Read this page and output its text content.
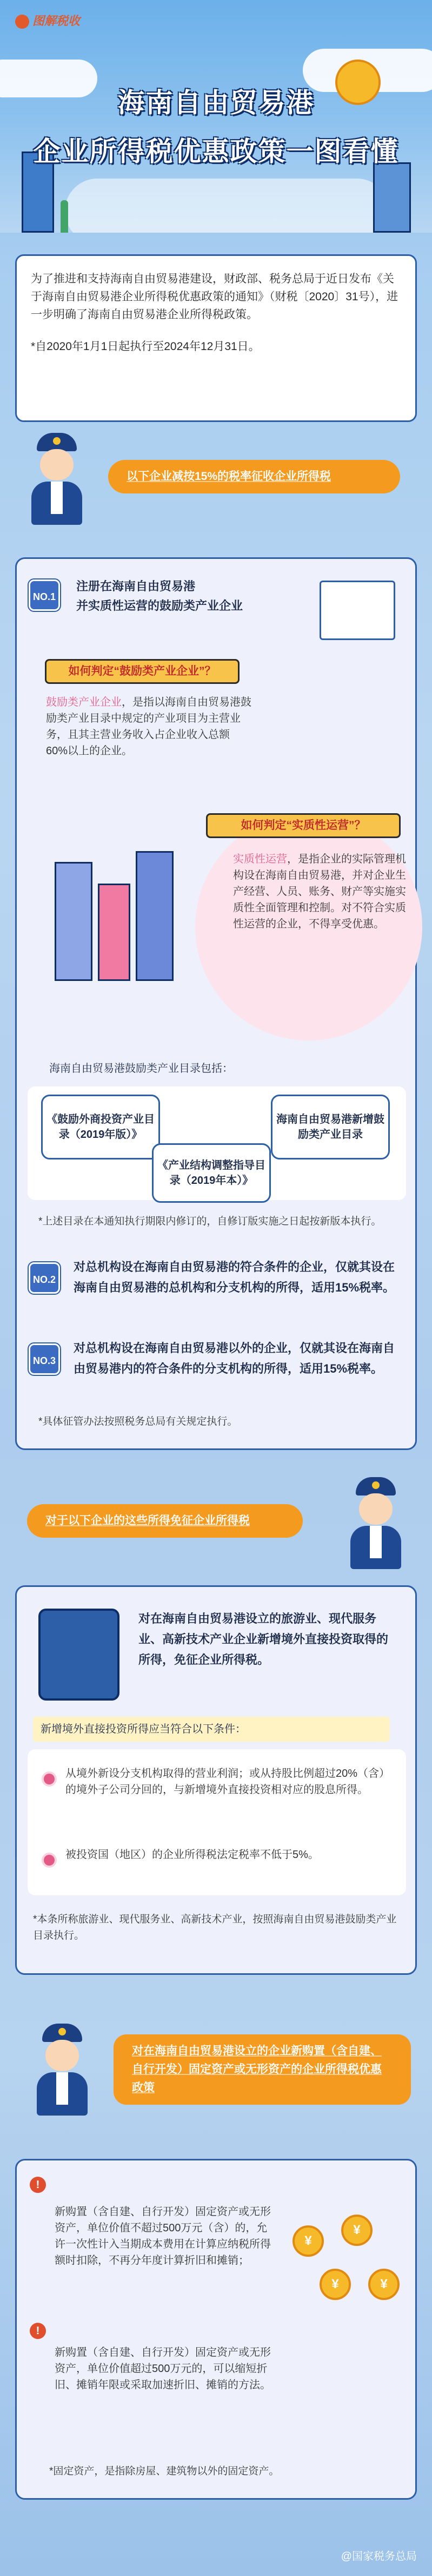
图解税收
海南自由贸易港
企业所得税优惠政策一图看懂
为了推进和支持海南自由贸易港建设，财政部、税务总局于近日发布《关于海南自由贸易港企业所得税优惠政策的通知》（财税〔2020〕31号），进一步明确了海南自由贸易港企业所得税政策。
*自2020年1月1日起执行至2024年12月31日。
以下企业减按15%的税率征收企业所得税
NO.1
注册在海南自由贸易港
并实质性运营的鼓励类产业企业
如何判定“鼓励类产业企业”？
鼓励类产业企业，是指以海南自由贸易港鼓励类产业目录中规定的产业项目为主营业务，且其主营业务收入占企业收入总额60%以上的企业。
如何判定“实质性运营”？
实质性运营，是指企业的实际管理机构设在海南自由贸易港，并对企业生产经营、人员、账务、财产等实施实质性全面管理和控制。对不符合实质性运营的企业，不得享受优惠。
海南自由贸易港鼓励类产业目录包括：
《鼓励外商投资产业目录（2019年版）》
《产业结构调整指导目录（2019年本）》
海南自由贸易港新增鼓励类产业目录
*上述目录在本通知执行期限内修订的，自修订版实施之日起按新版本执行。
NO.2
对总机构设在海南自由贸易港的符合条件的企业，仅就其设在海南自由贸易港的总机构和分支机构的所得，适用15%税率。
NO.3
对总机构设在海南自由贸易港以外的企业，仅就其设在海南自由贸易港内的符合条件的分支机构的所得，适用15%税率。
*具体征管办法按照税务总局有关规定执行。
对于以下企业的这些所得免征企业所得税
对在海南自由贸易港设立的旅游业、现代服务业、高新技术产业企业新增境外直接投资取得的所得，免征企业所得税。
新增境外直接投资所得应当符合以下条件：
从境外新设分支机构取得的营业利润；或从持股比例超过20%（含）的境外子公司分回的，与新增境外直接投资相对应的股息所得。
被投资国（地区）的企业所得税法定税率不低于5%。
*本条所称旅游业、现代服务业、高新技术产业，按照海南自由贸易港鼓励类产业目录执行。
对在海南自由贸易港设立的企业新购置（含自建、自行开发）固定资产或无形资产的企业所得税优惠政策
!
新购置（含自建、自行开发）固定资产或无形资产，单位价值不超过500万元（含）的，允许一次性计入当期成本费用在计算应纳税所得额时扣除，不再分年度计算折旧和摊销；
!
新购置（含自建、自行开发）固定资产或无形资产，单位价值超过500万元的，可以缩短折旧、摊销年限或采取加速折旧、摊销的方法。
¥
¥
¥	¥
*固定资产，是指除房屋、建筑物以外的固定资产。
@国家税务总局
